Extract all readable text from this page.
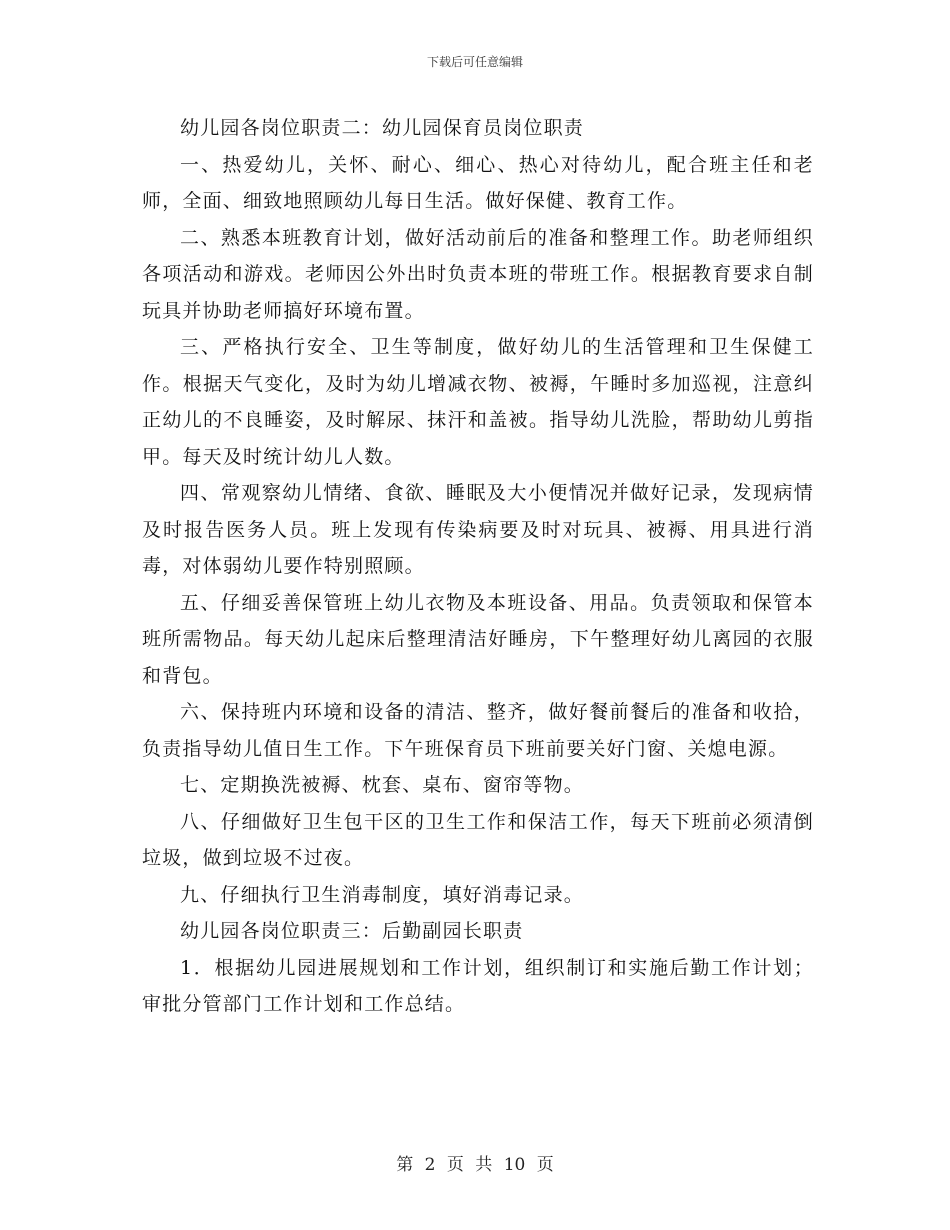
下载后可任意编辑

幼儿园各岗位职责二：幼儿园保育员岗位职责

一、热爱幼儿，关怀、耐心、细心、热心对待幼儿，配合班主任和老师，全面、细致地照顾幼儿每日生活。做好保健、教育工作。

二、熟悉本班教育计划，做好活动前后的准备和整理工作。助老师组织各项活动和游戏。老师因公外出时负责本班的带班工作。根据教育要求自制玩具并协助老师搞好环境布置。

三、严格执行安全、卫生等制度，做好幼儿的生活管理和卫生保健工作。根据天气变化，及时为幼儿增减衣物、被褥，午睡时多加巡视，注意纠正幼儿的不良睡姿，及时解尿、抹汗和盖被。指导幼儿洗脸，帮助幼儿剪指甲。每天及时统计幼儿人数。

四、常观察幼儿情绪、食欲、睡眠及大小便情况并做好记录，发现病情及时报告医务人员。班上发现有传染病要及时对玩具、被褥、用具进行消毒，对体弱幼儿要作特别照顾。

五、仔细妥善保管班上幼儿衣物及本班设备、用品。负责领取和保管本班所需物品。每天幼儿起床后整理清洁好睡房，下午整理好幼儿离园的衣服和背包。

六、保持班内环境和设备的清洁、整齐，做好餐前餐后的准备和收拾，负责指导幼儿值日生工作。下午班保育员下班前要关好门窗、关熄电源。

七、定期换洗被褥、枕套、桌布、窗帘等物。

八、仔细做好卫生包干区的卫生工作和保洁工作，每天下班前必须清倒垃圾，做到垃圾不过夜。

九、仔细执行卫生消毒制度，填好消毒记录。

幼儿园各岗位职责三：后勤副园长职责

1．根据幼儿园进展规划和工作计划，组织制订和实施后勤工作计划；审批分管部门工作计划和工作总结。

第 2 页 共 10 页
